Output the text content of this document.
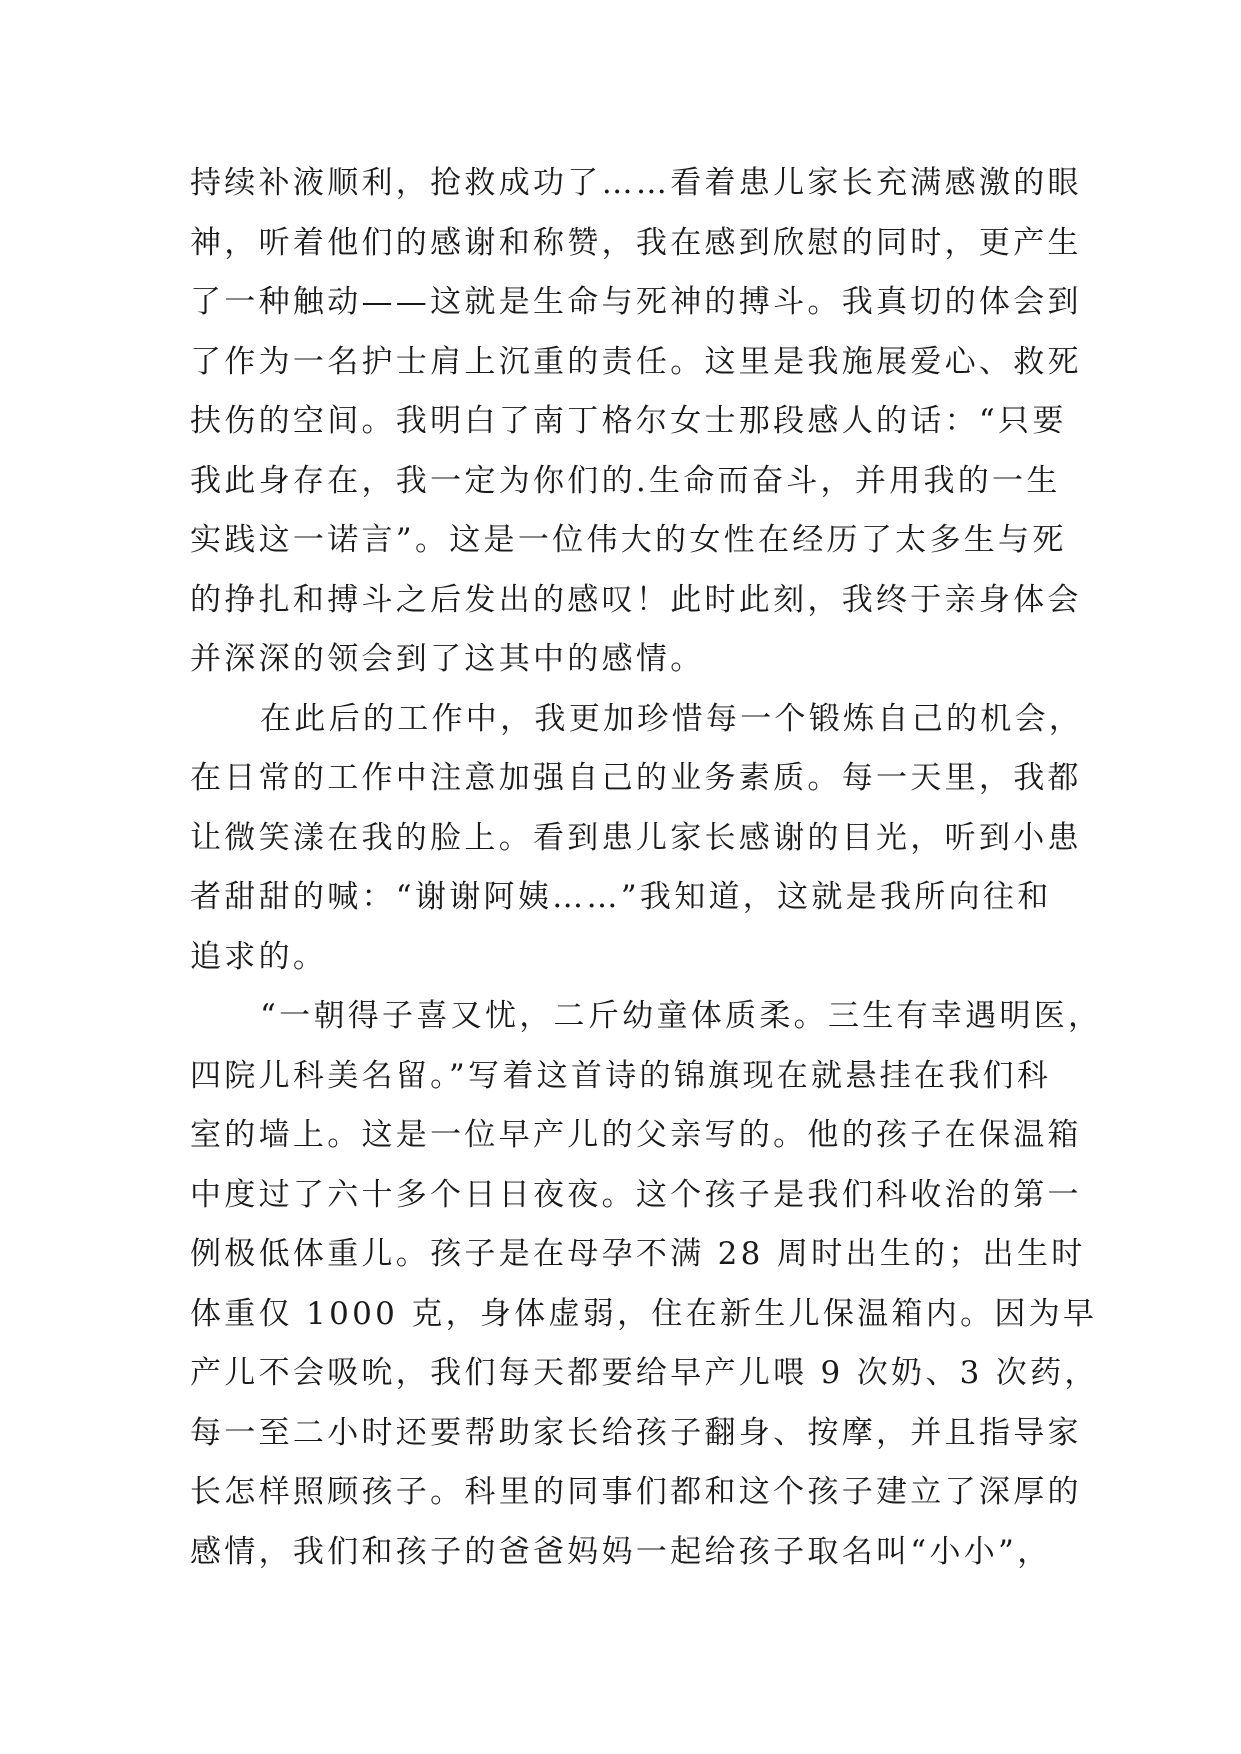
持续补液顺利，抢救成功了……看着患儿家长充满感激的眼
神，听着他们的感谢和称赞，我在感到欣慰的同时，更产生
了一种触动——这就是生命与死神的搏斗。我真切的体会到
了作为一名护士肩上沉重的责任。这里是我施展爱心、救死
扶伤的空间。我明白了南丁格尔女士那段感人的话：“只要
我此身存在，我一定为你们的.生命而奋斗，并用我的一生
实践这一诺言”。这是一位伟大的女性在经历了太多生与死
的挣扎和搏斗之后发出的感叹！此时此刻，我终于亲身体会
并深深的领会到了这其中的感情。
在此后的工作中，我更加珍惜每一个锻炼自己的机会，
在日常的工作中注意加强自己的业务素质。每一天里，我都
让微笑漾在我的脸上。看到患儿家长感谢的目光，听到小患
者甜甜的喊：“谢谢阿姨……”我知道，这就是我所向往和
追求的。
“一朝得子喜又忧，二斤幼童体质柔。三生有幸遇明医，
四院儿科美名留。”写着这首诗的锦旗现在就悬挂在我们科
室的墙上。这是一位早产儿的父亲写的。他的孩子在保温箱
中度过了六十多个日日夜夜。这个孩子是我们科收治的第一
例极低体重儿。孩子是在母孕不满 28 周时出生的；出生时
体重仅 1000 克，身体虚弱，住在新生儿保温箱内。因为早
产儿不会吸吮，我们每天都要给早产儿喂 9 次奶、3 次药，
每一至二小时还要帮助家长给孩子翻身、按摩，并且指导家
长怎样照顾孩子。科里的同事们都和这个孩子建立了深厚的
感情，我们和孩子的爸爸妈妈一起给孩子取名叫“小小”，
